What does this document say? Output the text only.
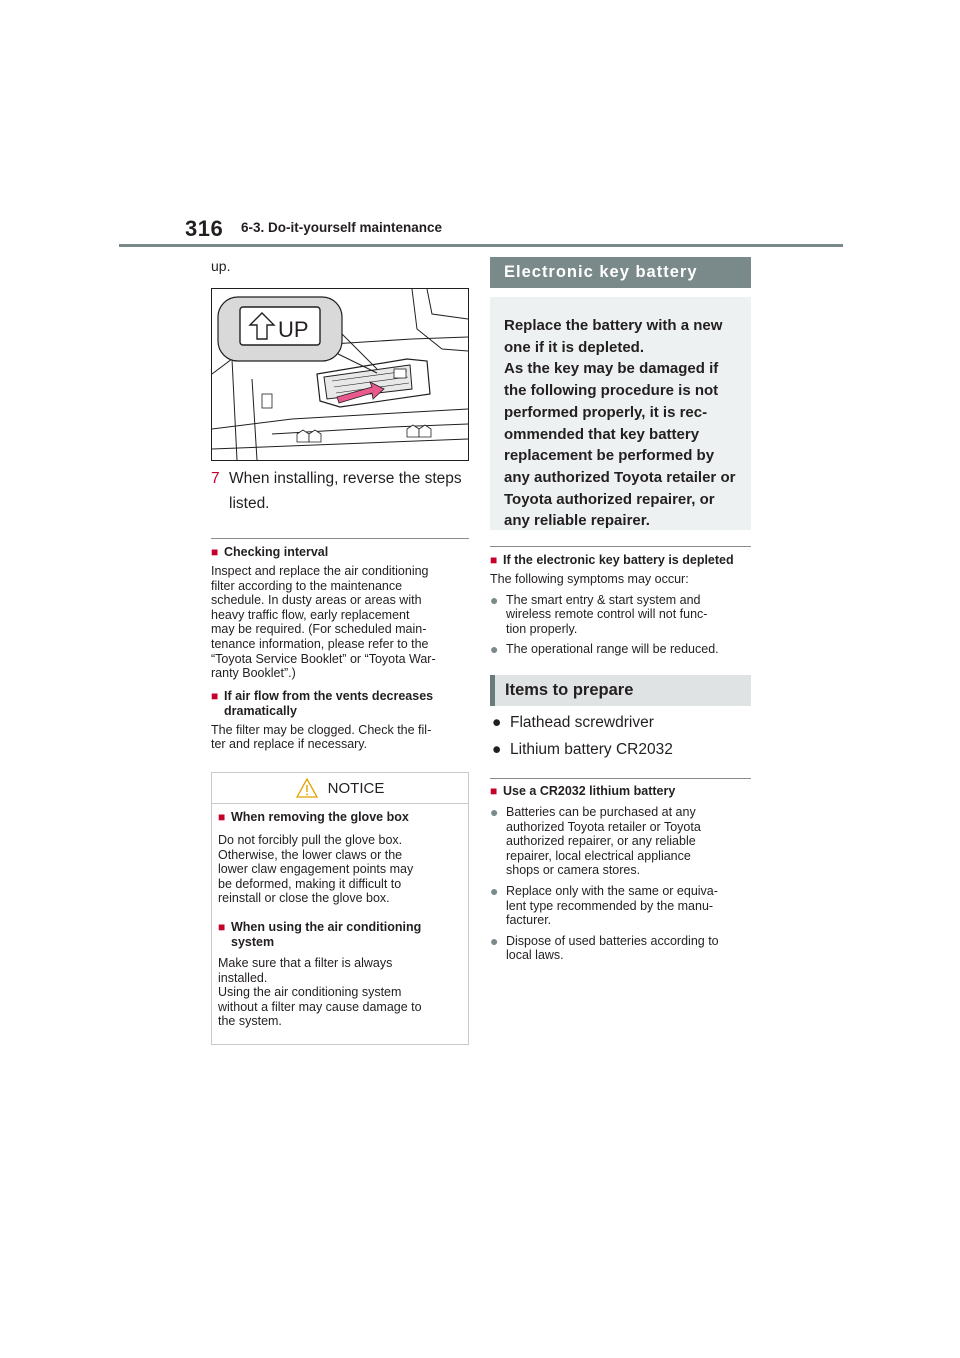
316 6-3. Do-it-yourself maintenance
up.
UP
7 When installing, reverse the steps listed.
■ Checking interval

Inspect and replace the air conditioning
filter according to the maintenance
schedule. In dusty areas or areas with
heavy traffic flow, early replacement
may be required. (For scheduled main-
tenance information, please refer to the
“Toyota Service Booklet” or “Toyota War-
ranty Booklet”.)

■ If air flow from the vents decreases dramatically

The filter may be clogged. Check the fil-
ter and replace if necessary.

NOTICE
■ When removing the glove box

Do not forcibly pull the glove box.
Otherwise, the lower claws or the
lower claw engagement points may
be deformed, making it difficult to
reinstall or close the glove box.

■ When using the air conditioning system

Make sure that a filter is always
installed.
Using the air conditioning system
without a filter may cause damage to
the system.

Electronic key battery

Replace the battery with a new one if it is depleted.
As the key may be damaged if the following procedure is not performed properly, it is rec-ommended that key battery replacement be performed by any authorized Toyota retailer or Toyota authorized repairer, or any reliable repairer.

■ If the electronic key battery is depleted

The following symptoms may occur:

● The smart entry & start system and
wireless remote control will not func-
tion properly.
● The operational range will be reduced.
Items to prepare
● Flathead screwdriver
● Lithium battery CR2032
■ Use a CR2032 lithium battery
● Batteries can be purchased at any
authorized Toyota retailer or Toyota
authorized repairer, or any reliable
repairer, local electrical appliance
shops or camera stores.
● Replace only with the same or equiva-
lent type recommended by the manu-
facturer.
● Dispose of used batteries according to
local laws.
